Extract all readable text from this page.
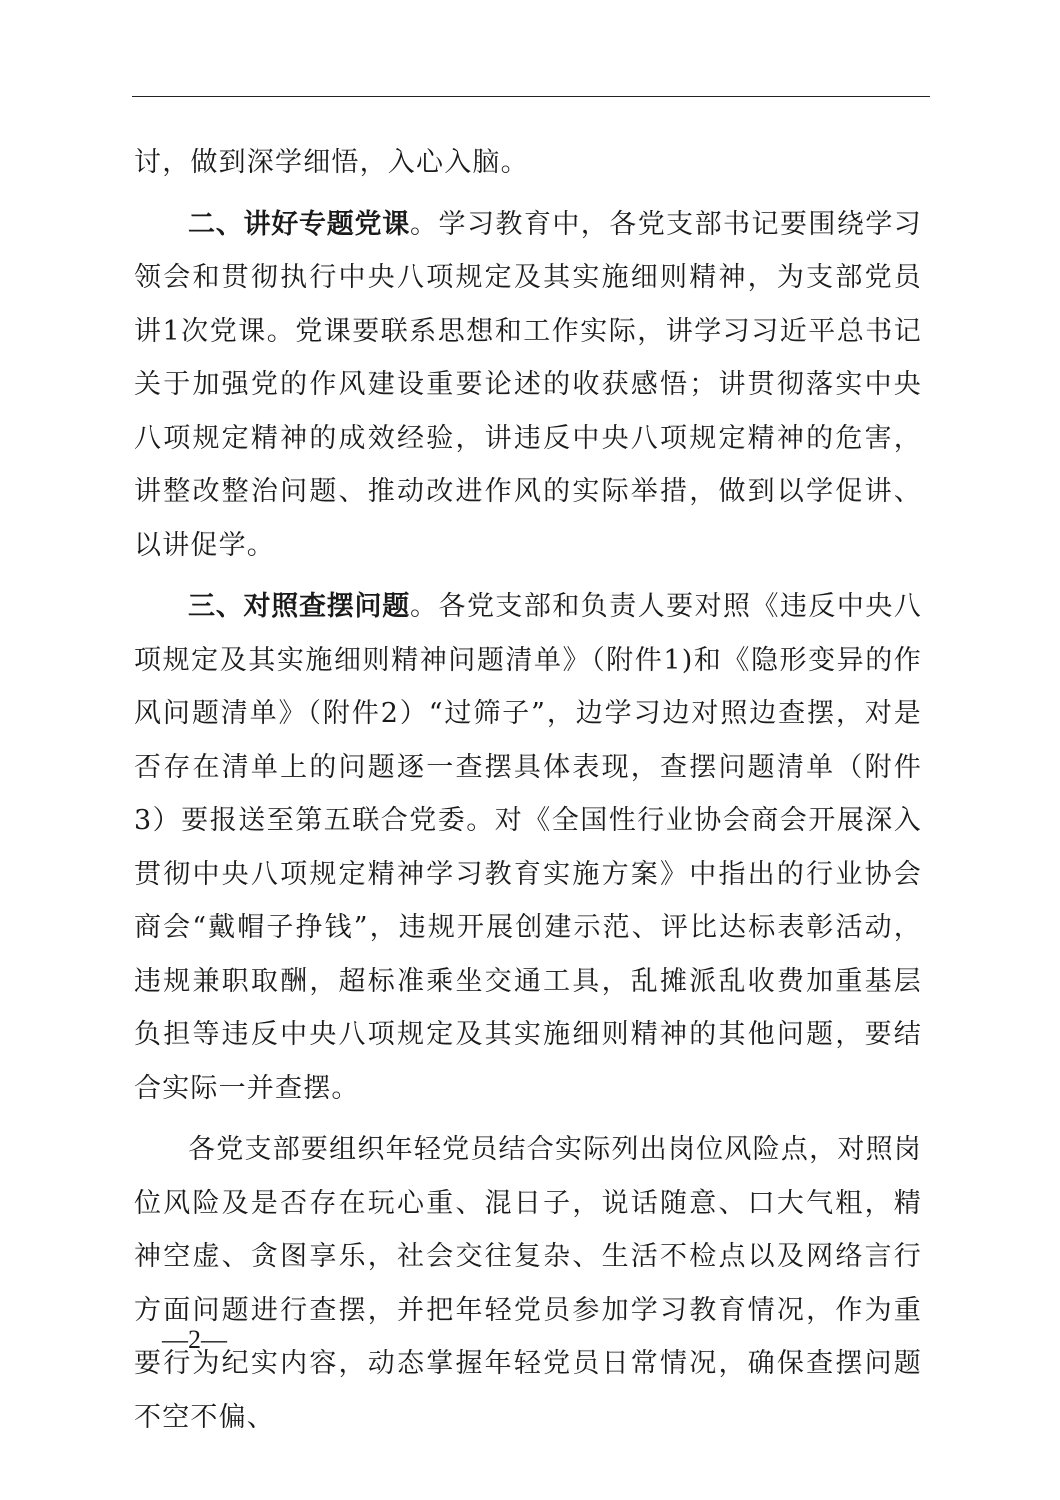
讨，做到深学细悟，入心入脑。

二、讲好专题党课。学习教育中，各党支部书记要围绕学习领会和贯彻执行中央八项规定及其实施细则精神，为支部党员讲1次党课。党课要联系思想和工作实际，讲学习习近平总书记关于加强党的作风建设重要论述的收获感悟；讲贯彻落实中央八项规定精神的成效经验，讲违反中央八项规定精神的危害，讲整改整治问题、推动改进作风的实际举措，做到以学促讲、以讲促学。

三、对照查摆问题。各党支部和负责人要对照《违反中央八项规定及其实施细则精神问题清单》（附件1)和《隐形变异的作风问题清单》（附件2）“过筛子”，边学习边对照边查摆，对是否存在清单上的问题逐一查摆具体表现，查摆问题清单（附件3）要报送至第五联合党委。对《全国性行业协会商会开展深入贯彻中央八项规定精神学习教育实施方案》中指出的行业协会商会“戴帽子挣钱”，违规开展创建示范、评比达标表彰活动，违规兼职取酬，超标准乘坐交通工具，乱摊派乱收费加重基层负担等违反中央八项规定及其实施细则精神的其他问题，要结合实际一并查摆。

各党支部要组织年轻党员结合实际列出岗位风险点，对照岗位风险及是否存在玩心重、混日子，说话随意、口大气粗，精神空虚、贪图享乐，社会交往复杂、生活不检点以及网络言行方面问题进行查摆，并把年轻党员参加学习教育情况，作为重要行为纪实内容，动态掌握年轻党员日常情况，确保查摆问题不空不偏、

—2—
